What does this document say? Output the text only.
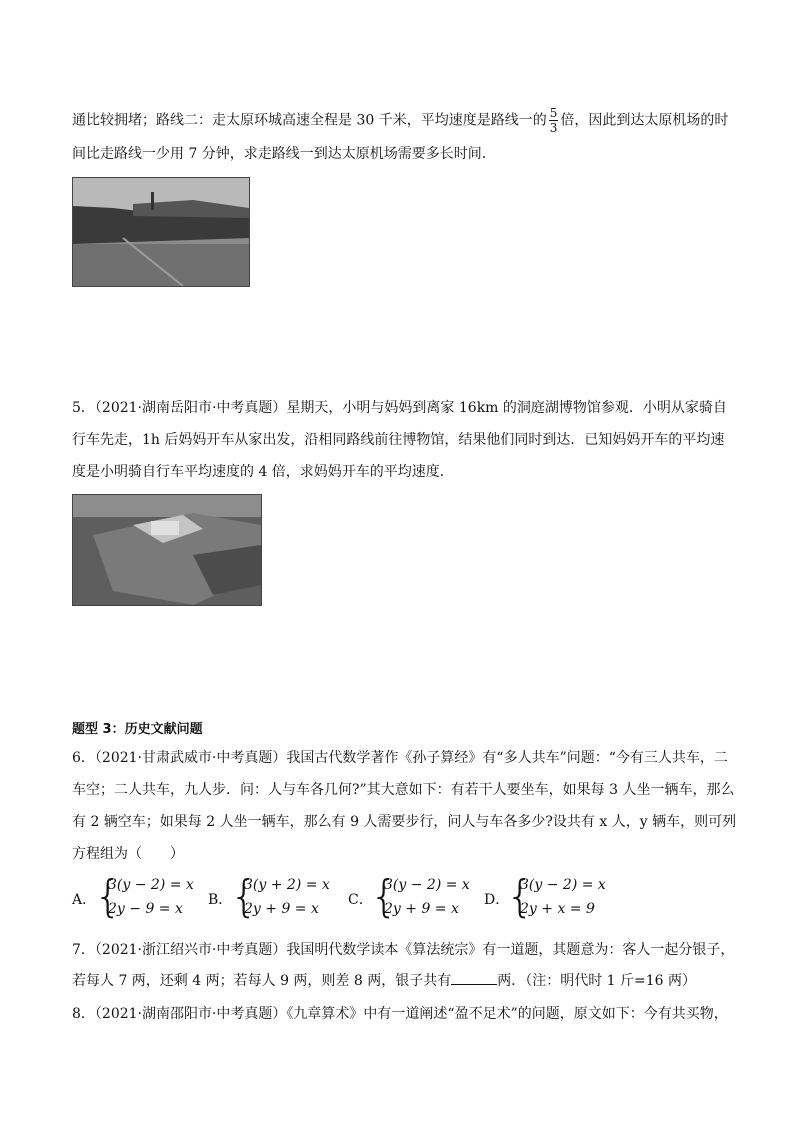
通比较拥堵；路线二：走太原环城高速全程是 30 千米，平均速度是路线一的 $\frac{5}{3}$ 倍，因此到达太原机场的时
间比走路线一少用 7 分钟，求走路线一到达太原机场需要多长时间．
5．（2021·湖南岳阳市·中考真题）星期天，小明与妈妈到离家 16km 的洞庭湖博物馆参观．小明从家骑自
行车先走，1h 后妈妈开车从家出发，沿相同路线前往博物馆，结果他们同时到达．已知妈妈开车的平均速
度是小明骑自行车平均速度的 4 倍，求妈妈开车的平均速度．
题型 3：历史文献问题
6．（2021·甘肃武威市·中考真题）我国古代数学著作《孙子算经》有“多人共车”问题：“今有三人共车，二
车空；二人共车，九人步．问：人与车各几何?”其大意如下：有若干人要坐车，如果每 3 人坐一辆车，那么
有 2 辆空车；如果每 2 人坐一辆车，那么有 9 人需要步行，问人与车各多少?设共有 x 人，y 辆车，则可列
方程组为（　　）
A．
{
3(y − 2) = x
2y − 9 = x
B．
{
3(y + 2) = x
2y + 9 = x
C．
{
3(y − 2) = x
2y + 9 = x
D．
{
3(y − 2) = x
2y + x = 9
7．（2021·浙江绍兴市·中考真题）我国明代数学读本《算法统宗》有一道题，其题意为：客人一起分银子，
若每人 7 两，还剩 4 两；若每人 9 两，则差 8 两，银子共有	两．（注：明代时 1 斤=16 两）
8．（2021·湖南邵阳市·中考真题）《九章算术》中有一道阐述“盈不足术”的问题，原文如下：今有共买物，
